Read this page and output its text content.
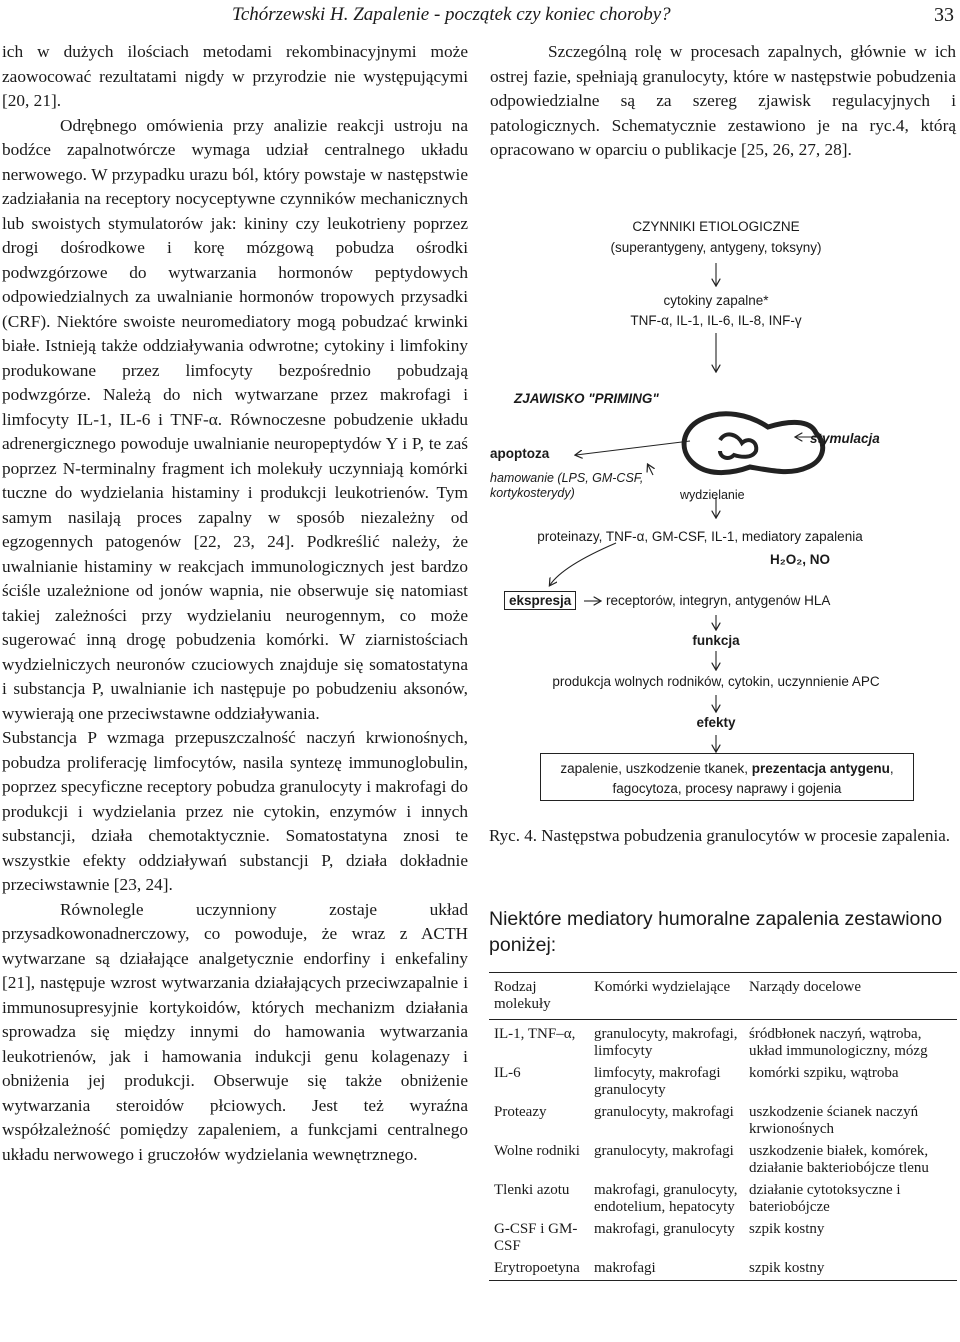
Tchórzewski H. Zapalenie - początek czy koniec choroby?	33

ich w dużych ilościach metodami rekombinacyjnymi może zaowocować rezultatami nigdy w przyrodzie nie występującymi [20, 21].

Odrębnego omówienia przy analizie reakcji ustroju na bodźce zapalnotwórcze wymaga udział centralnego układu nerwowego. W przypadku urazu ból, który powstaje w następstwie zadziałania na receptory nocyceptywne czynników mechanicznych lub swoistych stymulatorów jak: kininy czy leukotrieny poprzez drogi dośrodkowe i korę mózgową pobudza ośrodki podwzgórzowe do wytwarzania hormonów peptydowych odpowiedzialnych za uwalnianie hormonów tropowych przysadki (CRF). Niektóre swoiste neuromediatory mogą pobudzać krwinki białe. Istnieją także oddziaływania odwrotne; cytokiny i limfokiny produkowane przez limfocyty bezpośrednio pobudzają podwzgórze. Należą do nich wytwarzane przez makrofagi i limfocyty IL-1, IL-6 i TNF-α. Równoczesne pobudzenie układu adrenergicznego powoduje uwalnianie neuropeptydów Y i P, te zaś poprzez N-terminalny fragment ich molekuły uczynniają komórki tuczne do wydzielania histaminy i produkcji leukotrienów. Tym samym nasilają proces zapalny w sposób niezależny od egzogennych patogenów [22, 23, 24]. Podkreślić należy, że uwalnianie histaminy w reakcjach immunologicznych jest bardzo ściśle uzależnione od jonów wapnia, nie obserwuje się natomiast takiej zależności przy wydzielaniu neurogennym, co może sugerować inną drogę pobudzenia komórki. W ziarnistościach wydzielniczych neuronów czuciowych znajduje się somatostatyna i substancja P, uwalnianie ich następuje po pobudzeniu aksonów, wywierają one przeciwstawne oddziaływania.

Substancja P wzmaga przepuszczalność naczyń krwionośnych, pobudza proliferację limfocytów, nasila syntezę immunoglobulin, poprzez specyficzne receptory pobudza granulocyty i makrofagi do produkcji i wydzielania przez nie cytokin, enzymów i innych substancji, działa chemotaktycznie. Somatostatyna znosi te wszystkie efekty oddziaływań substancji P, działa dokładnie przeciwstawnie [23, 24].

Równolegle uczynniony zostaje układ przysadkowonadnerczowy, co powoduje, że wraz z ACTH wytwarzane są działające analgetycznie endorfiny i enkefaliny [21], następuje wzrost wytwarzania działających przeciwzapalnie i immunosupresyjnie kortykoidów, których mechanizm działania sprowadza się między innymi do hamowania wytwarzania leukotrienów, jak i hamowania indukcji genu kolagenazy i obniżenia jej produkcji. Obserwuje się także obniżenie wytwarzania steroidów płciowych. Jest też wyraźna współzależność pomiędzy zapaleniem, a funkcjami centralnego układu nerwowego i gruczołów wydzielania wewnętrznego.

Szczególną rolę w procesach zapalnych, głównie w ich ostrej fazie, spełniają granulocyty, które w następstwie pobudzenia odpowiedzialne są za szereg zjawisk regulacyjnych i patologicznych. Schematycznie zestawiono je na ryc.4, którą opracowano w oparciu o publikacje [25, 26, 27, 28].

CZYNNIKI ETIOLOGICZNE
(superantygeny, antygeny, toksyny)
cytokiny zapalne*
TNF-α, IL-1, IL-6, IL-8, INF-γ
ZJAWISKO "PRIMING"
apoptoza
hamowanie (LPS, GM-CSF,
kortykosterydy)
stymulacja
wydzielanie
proteinazy, TNF-α, GM-CSF, IL-1, mediatory zapalenia
H₂O₂, NO
ekspresja	receptorów, integryn, antygenów HLA
funkcja
produkcja wolnych rodników, cytokin, uczynnienie APC
efekty
zapalenie, uszkodzenie tkanek, prezentacja antygenu,
fagocytoza, procesy naprawy i gojenia
Ryc. 4. Następstwa pobudzenia granulocytów w procesie zapalenia.
Niektóre mediatory humoralne zapalenia zestawiono poniżej:
Rodzaj molekuły	Komórki wydzielające	Narządy docelowe
IL-1, TNF–α,	granulocyty, makrofagi, limfocyty	śródbłonek naczyń, wątroba, układ immunologiczny, mózg
IL-6	limfocyty, makrofagi granulocyty	komórki szpiku, wątroba
Proteazy	granulocyty, makrofagi	uszkodzenie ścianek naczyń krwionośnych
Wolne rodniki	granulocyty, makrofagi	uszkodzenie białek, komórek, działanie bakteriobójcze tlenu
Tlenki azotu	makrofagi, granulocyty, endotelium, hepatocyty	działanie cytotoksyczne i bateriobójcze
G-CSF i GM-CSF	makrofagi, granulocyty	szpik kostny
Erytropoetyna	makrofagi	szpik kostny
